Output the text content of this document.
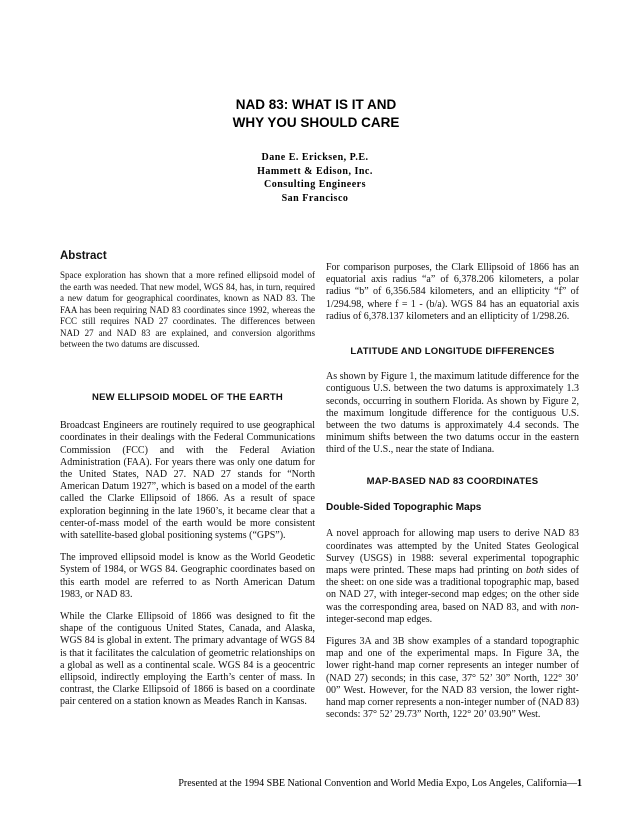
NAD 83: WHAT IS IT AND
WHY YOU SHOULD CARE
Dane E. Ericksen, P.E.
Hammett & Edison, Inc.
Consulting Engineers
San Francisco
Abstract

Space exploration has shown that a more refined ellipsoid model of the earth was needed. That new model, WGS 84, has, in turn, required a new datum for geographical coordinates, known as NAD 83. The FAA has been requiring NAD 83 coordinates since 1992, whereas the FCC still requires NAD 27 coordinates. The differences between NAD 27 and NAD 83 are explained, and conversion algorithms between the two datums are discussed.

NEW ELLIPSOID MODEL OF THE EARTH

Broadcast Engineers are routinely required to use geographical coordinates in their dealings with the Federal Communications Commission (FCC) and with the Federal Aviation Administration (FAA). For years there was only one datum for the United States, NAD 27. NAD 27 stands for “North American Datum 1927”, which is based on a model of the earth called the Clarke Ellipsoid of 1866. As a result of space exploration beginning in the late 1960’s, it became clear that a center-of-mass model of the earth would be more consistent with satellite-based global positioning systems (“GPS”).

The improved ellipsoid model is know as the World Geodetic System of 1984, or WGS 84. Geographic coordinates based on this earth model are referred to as North American Datum 1983, or NAD 83.

While the Clarke Ellipsoid of 1866 was designed to fit the shape of the contiguous United States, Canada, and Alaska, WGS 84 is global in extent. The primary advantage of WGS 84 is that it facilitates the calculation of geometric relationships on a global as well as a continental scale. WGS 84 is a geocentric ellipsoid, indirectly employing the Earth’s center of mass. In contrast, the Clarke Ellipsoid of 1866 is based on a coordinate pair centered on a station known as Meades Ranch in Kansas.

For comparison purposes, the Clark Ellipsoid of 1866 has an equatorial axis radius “a” of 6,378.206 kilometers, a polar radius “b” of 6,356.584 kilometers, and an ellipticity “f” of 1/294.98, where f = 1 - (b/a). WGS 84 has an equatorial axis radius of 6,378.137 kilometers and an ellipticity of 1/298.26.

LATITUDE AND LONGITUDE DIFFERENCES

As shown by Figure 1, the maximum latitude difference for the contiguous U.S. between the two datums is approximately 1.3 seconds, occurring in southern Florida. As shown by Figure 2, the maximum longitude difference for the contiguous U.S. between the two datums is approximately 4.4 seconds. The minimum shifts between the two datums occur in the eastern third of the U.S., near the state of Indiana.

MAP-BASED NAD 83 COORDINATES
Double-Sided Topographic Maps

A novel approach for allowing map users to derive NAD 83 coordinates was attempted by the United States Geological Survey (USGS) in 1988: several experimental topographic maps were printed. These maps had printing on both sides of the sheet: on one side was a traditional topographic map, based on NAD 27, with integer-second map edges; on the other side was the corresponding area, based on NAD 83, and with non-integer-second map edges.

Figures 3A and 3B show examples of a standard topographic map and one of the experimental maps. In Figure 3A, the lower right-hand map corner represents an integer number of (NAD 27) seconds; in this case, 37° 52’ 30” North, 122° 30’ 00” West. However, for the NAD 83 version, the lower right-hand map corner represents a non-integer number of (NAD 83) seconds: 37° 52’ 29.73” North, 122° 20’ 03.90” West.

Presented at the 1994 SBE National Convention and World Media Expo, Los Angeles, California—1
